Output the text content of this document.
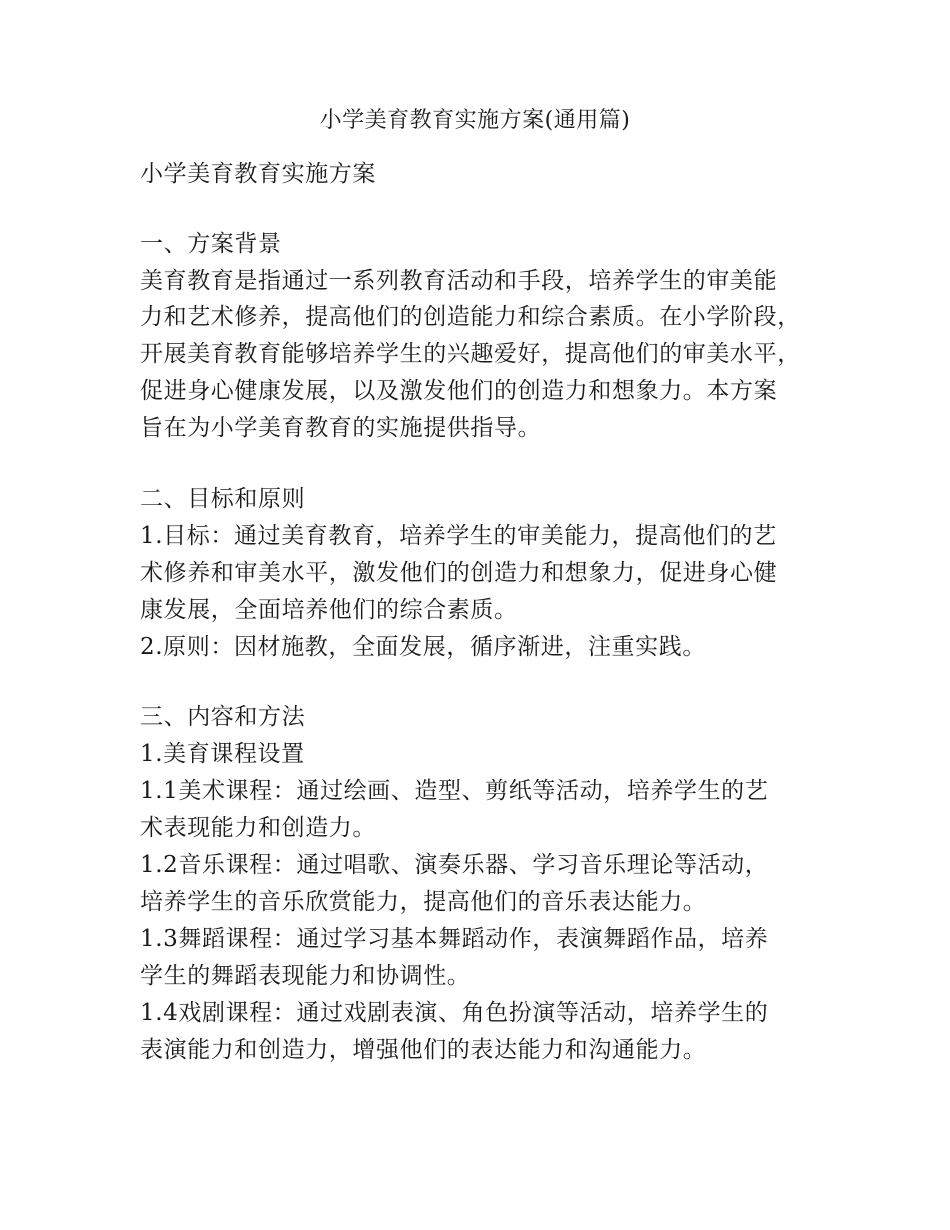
小学美育教育实施方案(通用篇)
小学美育教育实施方案
一、方案背景
美育教育是指通过一系列教育活动和手段，培养学生的审美能
力和艺术修养，提高他们的创造能力和综合素质。在小学阶段，
开展美育教育能够培养学生的兴趣爱好，提高他们的审美水平，
促进身心健康发展，以及激发他们的创造力和想象力。本方案
旨在为小学美育教育的实施提供指导。
二、目标和原则
1.目标：通过美育教育，培养学生的审美能力，提高他们的艺
术修养和审美水平，激发他们的创造力和想象力，促进身心健
康发展，全面培养他们的综合素质。
2.原则：因材施教，全面发展，循序渐进，注重实践。
三、内容和方法
1.美育课程设置
1.1美术课程：通过绘画、造型、剪纸等活动，培养学生的艺
术表现能力和创造力。
1.2音乐课程：通过唱歌、演奏乐器、学习音乐理论等活动，
培养学生的音乐欣赏能力，提高他们的音乐表达能力。
1.3舞蹈课程：通过学习基本舞蹈动作，表演舞蹈作品，培养
学生的舞蹈表现能力和协调性。
1.4戏剧课程：通过戏剧表演、角色扮演等活动，培养学生的
表演能力和创造力，增强他们的表达能力和沟通能力。
